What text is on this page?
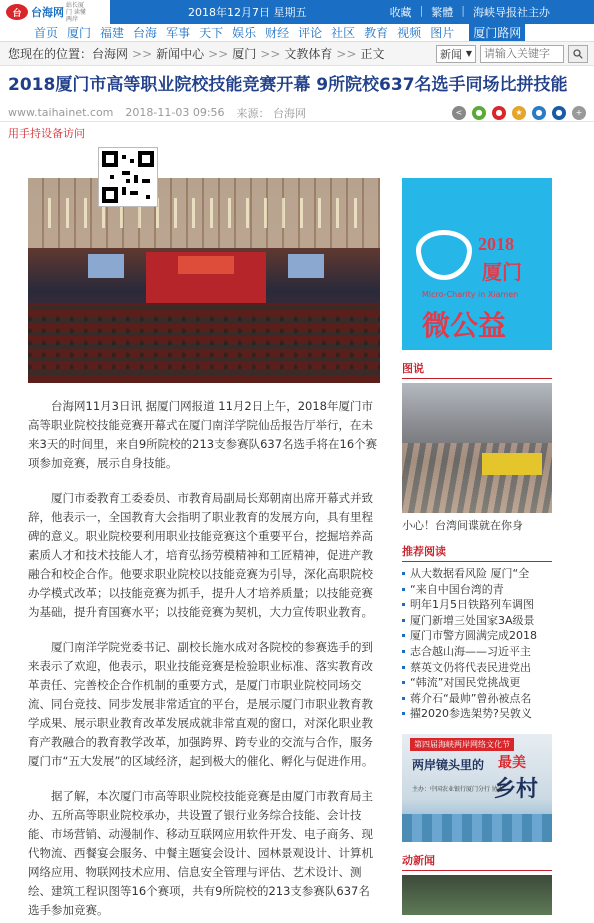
台 台海网
站长厦门 读懂两岸	2018年12月7日 星期五	收藏 | 繁體 | 海峡导报社主办
首页 厦门 福建 台海 军事 天下 娱乐 财经 评论 社区 教育 视频 图片	厦门路网
您现在的位置： 台海网 >> 新闻中心 >> 厦门 >> 文教体育 >> 正文	新闻 ▼
请输入关键字
2018厦门市高等职业院校技能竞赛开幕 9所院校637名选手同场比拼技能
www.taihainet.com 2018-11-03 09:56 来源： 台海网	<	●	●	★	●	●	+
用手持设备访问

台海网11月3日讯 据厦门网报道 11月2日上午，2018年厦门市高等职业院校技能竞赛开幕式在厦门南洋学院仙岳报告厅举行，在未来3天的时间里，来自9所院校的213支参赛队637名选手将在16个赛项参加竞赛，展示自身技能。

厦门市委教育工委委员、市教育局副局长郑朝南出席开幕式并致辞，他表示一，全国教育大会指明了职业教育的发展方向，具有里程碑的意义。职业院校要利用职业技能竞赛这个重要平台，挖掘培养高素质人才和技术技能人才，培育弘扬劳模精神和工匠精神，促进产教融合和校企合作。他要求职业院校以技能竞赛为引导，深化高职院校办学模式改革；以技能竞赛为抓手，提升人才培养质量；以技能竞赛为基础，提升育国赛水平；以技能竞赛为契机，大力宣传职业教育。

厦门南洋学院党委书记、副校长施水成对各院校的参赛选手的到来表示了欢迎，他表示，职业技能竞赛是检验职业标准、落实教育改革责任、完善校企合作机制的重要方式，是厦门市职业院校同场交流、同台竞技、同步发展非常适宜的平台，是展示厦门市职业教育教学成果、展示职业教育改革发展成就非常直观的窗口，对深化职业教育产教融合的教育教学改革，加强跨界、跨专业的交流与合作，服务厦门市“五大发展”的区域经济，起到极大的催化、孵化与促进作用。

据了解，本次厦门市高等职业院校技能竞赛是由厦门市教育局主办、五所高等职业院校承办，共设置了银行业务综合技能、会计技能、市场营销、动漫制作、移动互联网应用软件开发、电子商务、现代物流、西餐宴会服务、中餐主题宴会设计、园林景观设计、计算机网络应用、物联网技术应用、信息安全管理与评估、艺术设计、测绘、建筑工程识图等16个赛项，共有9所院校的213支参赛队637名选手参加竞赛。

2018
厦门
Micro-Charity in Xiamen
微公益
图说
小心！台湾间谍就在你身
推荐阅读
从大数据看风险 厦门“全
“来自中国台湾的青
明年1月5日铁路列车调图
厦门新增三处国家3A级景
厦门市警方圆满完成2018
志合越山海——习近平主
蔡英文仍将代表民进党出
“韩流”对国民党挑战更
蒋介石“最帅”曾孙被点名
擢2020参选架势?吴敦义
第四届海峡两岸网络文化节
两岸镜头里的 最美
乡村
主办：中国农业银行厦门分行 协办
动新闻
